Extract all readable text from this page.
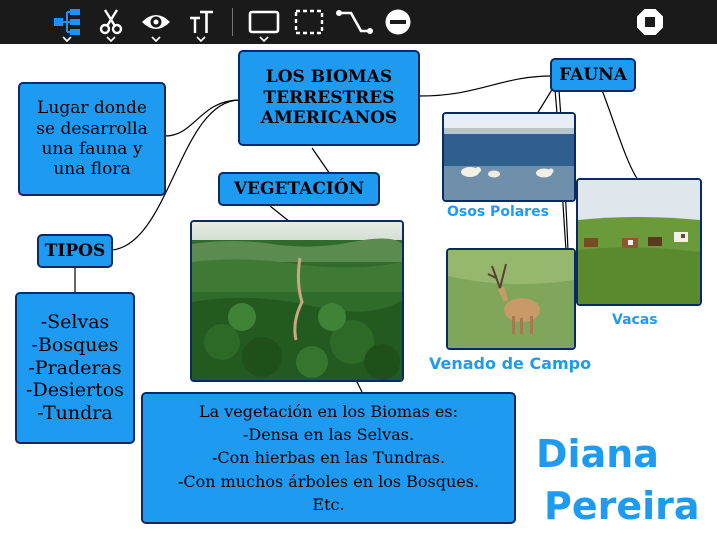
LOS BIOMAS
TERRESTRES
AMERICANOS
Lugar donde
se desarrolla
una fauna y
una flora
TIPOS
-Selvas
-Bosques
-Praderas
-Desiertos
-Tundra
VEGETACIÓN
La vegetación en los Biomas es:
-Densa en las Selvas.
-Con hierbas en las Tundras.
-Con muchos árboles en los Bosques.
Etc.
FAUNA
Osos Polares
Vacas
Venado de Campo
Diana
Pereira
